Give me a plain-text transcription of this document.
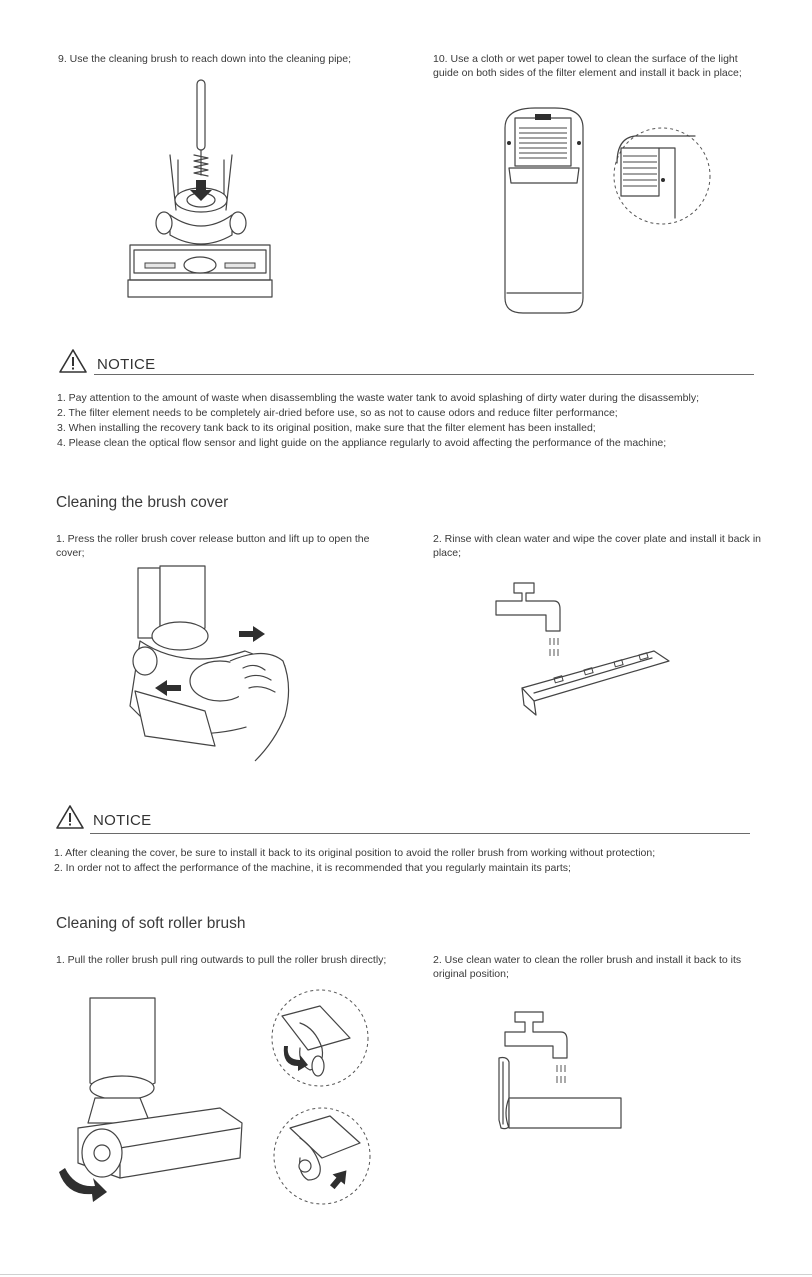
9. Use the cleaning brush to reach down into the cleaning pipe;	10. Use a cloth or wet paper towel to clean the surface of the light guide on both sides of the filter element and install it back in place;
NOTICE
1. Pay attention to the amount of waste when disassembling the waste water tank to avoid splashing of dirty water during the disassembly;
2. The filter element needs to be completely air-dried before use, so as not to cause odors and reduce filter performance;
3. When installing the recovery tank back to its original position, make sure that the filter element has been installed;
4. Please clean the optical flow sensor and light guide on the appliance regularly to avoid affecting the performance of the machine;
Cleaning the brush cover
1. Press the roller brush cover release button and lift up to open the cover;
2. Rinse with clean water and wipe the cover plate and install it back in place;
NOTICE
1. After cleaning the cover, be sure to install it back to its original position to avoid the roller brush from working without protection;
2. In order not to affect the performance of the machine, it is recommended that you regularly maintain its parts;
Cleaning of soft roller brush
1. Pull the roller brush pull ring outwards to pull the roller brush directly;	2. Use clean water to clean the roller brush and install it back to its original position;
